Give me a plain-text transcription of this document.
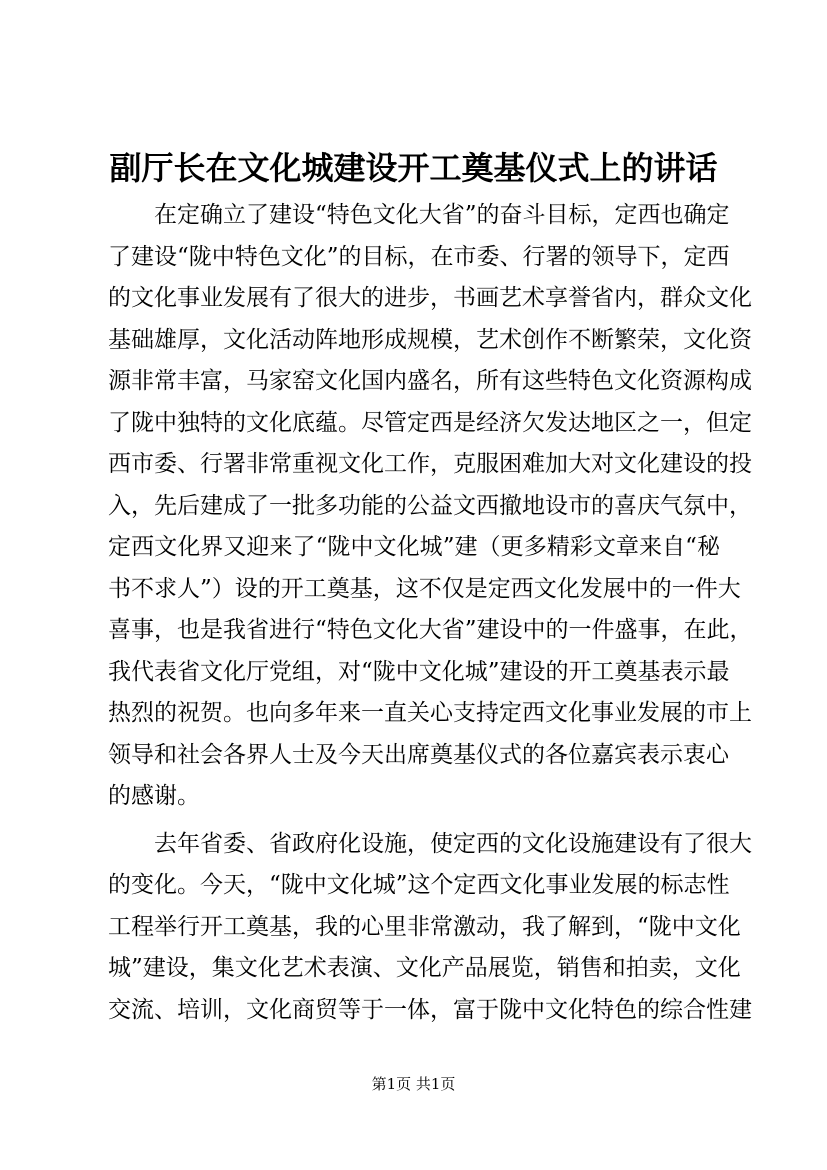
副厅长在文化城建设开工奠基仪式上的讲话
　　在定确立了建设“特色文化大省”的奋斗目标，定西也确定
了建设“陇中特色文化”的目标，在市委、行署的领导下，定西
的文化事业发展有了很大的进步，书画艺术享誉省内，群众文化
基础雄厚，文化活动阵地形成规模，艺术创作不断繁荣，文化资
源非常丰富，马家窑文化国内盛名，所有这些特色文化资源构成
了陇中独特的文化底蕴。尽管定西是经济欠发达地区之一，但定
西市委、行署非常重视文化工作，克服困难加大对文化建设的投
入，先后建成了一批多功能的公益文西撤地设市的喜庆气氛中，
定西文化界又迎来了“陇中文化城”建（更多精彩文章来自“秘
书不求人”）设的开工奠基，这不仅是定西文化发展中的一件大
喜事，也是我省进行“特色文化大省”建设中的一件盛事，在此，
我代表省文化厅党组，对“陇中文化城”建设的开工奠基表示最
热烈的祝贺。也向多年来一直关心支持定西文化事业发展的市上
领导和社会各界人士及今天出席奠基仪式的各位嘉宾表示衷心
的感谢。
　　去年省委、省政府化设施，使定西的文化设施建设有了很大
的变化。今天，“陇中文化城”这个定西文化事业发展的标志性
工程举行开工奠基，我的心里非常激动，我了解到，“陇中文化
城”建设，集文化艺术表演、文化产品展览，销售和拍卖，文化
交流、培训，文化商贸等于一体，富于陇中文化特色的综合性建
第1页 共1页
